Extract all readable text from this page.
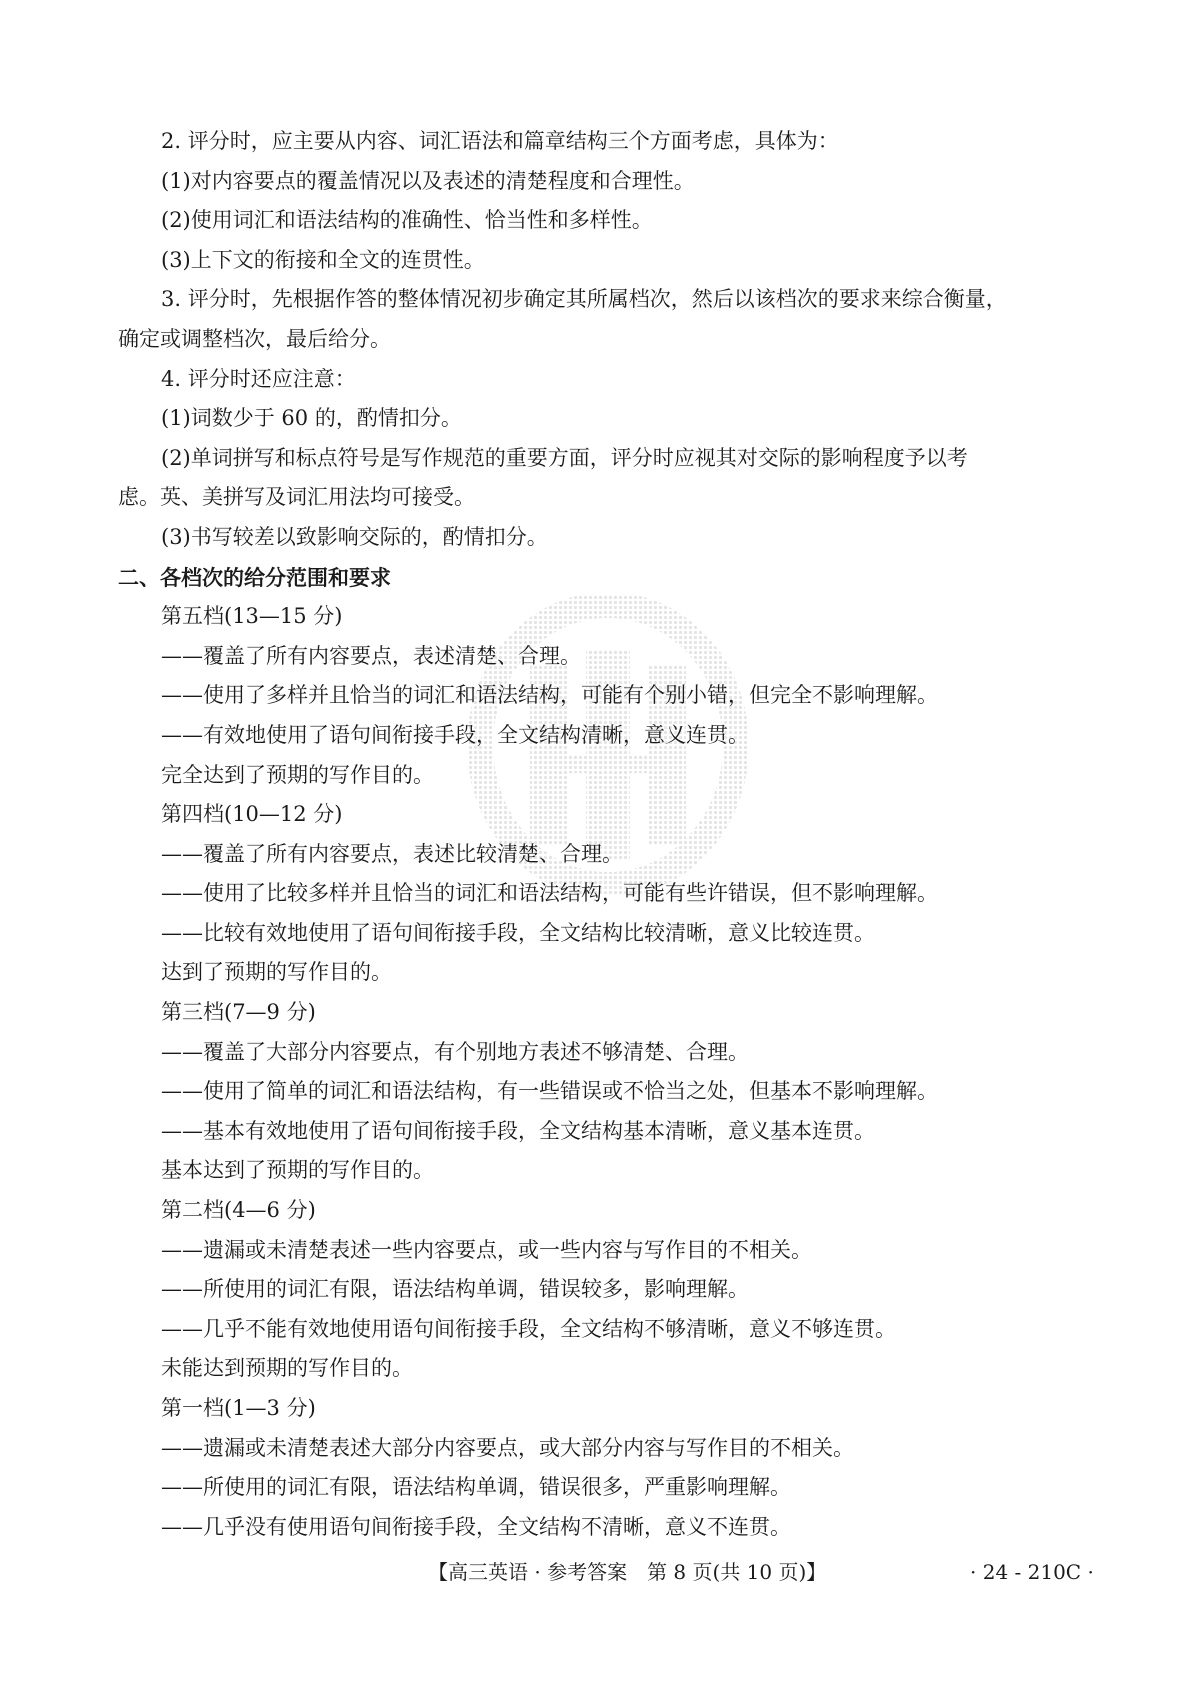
2. 评分时，应主要从内容、词汇语法和篇章结构三个方面考虑，具体为：
(1)对内容要点的覆盖情况以及表述的清楚程度和合理性。
(2)使用词汇和语法结构的准确性、恰当性和多样性。
(3)上下文的衔接和全文的连贯性。
3. 评分时，先根据作答的整体情况初步确定其所属档次，然后以该档次的要求来综合衡量，
确定或调整档次，最后给分。
4. 评分时还应注意：
(1)词数少于 60 的，酌情扣分。
(2)单词拼写和标点符号是写作规范的重要方面，评分时应视其对交际的影响程度予以考
虑。英、美拼写及词汇用法均可接受。
(3)书写较差以致影响交际的，酌情扣分。
二、各档次的给分范围和要求
第五档(13—15 分)
——覆盖了所有内容要点，表述清楚、合理。
——使用了多样并且恰当的词汇和语法结构，可能有个别小错，但完全不影响理解。
——有效地使用了语句间衔接手段，全文结构清晰，意义连贯。
完全达到了预期的写作目的。
第四档(10—12 分)
——覆盖了所有内容要点，表述比较清楚、合理。
——使用了比较多样并且恰当的词汇和语法结构，可能有些许错误，但不影响理解。
——比较有效地使用了语句间衔接手段，全文结构比较清晰，意义比较连贯。
达到了预期的写作目的。
第三档(7—9 分)
——覆盖了大部分内容要点，有个别地方表述不够清楚、合理。
——使用了简单的词汇和语法结构，有一些错误或不恰当之处，但基本不影响理解。
——基本有效地使用了语句间衔接手段，全文结构基本清晰，意义基本连贯。
基本达到了预期的写作目的。
第二档(4—6 分)
——遗漏或未清楚表述一些内容要点，或一些内容与写作目的不相关。
——所使用的词汇有限，语法结构单调，错误较多，影响理解。
——几乎不能有效地使用语句间衔接手段，全文结构不够清晰，意义不够连贯。
未能达到预期的写作目的。
第一档(1—3 分)
——遗漏或未清楚表述大部分内容要点，或大部分内容与写作目的不相关。
——所使用的词汇有限，语法结构单调，错误很多，严重影响理解。
——几乎没有使用语句间衔接手段，全文结构不清晰，意义不连贯。
【高三英语 · 参考答案　第 8 页(共 10 页)】	· 24 - 210C ·
